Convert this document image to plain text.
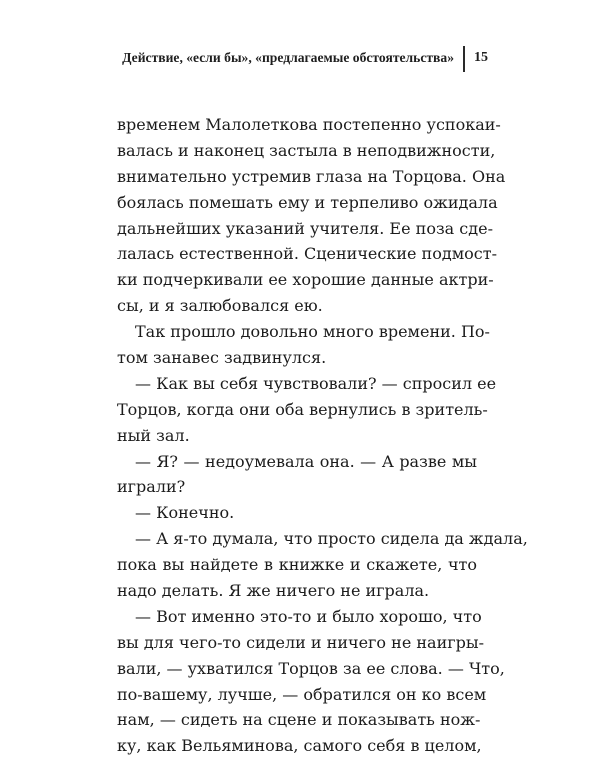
Действие, «если бы», «предлагаемые обстоятельства» 15
временем Малолеткова постепенно успокаи-
валась и наконец застыла в неподвижности,
внимательно устремив глаза на Торцова. Она
боялась помешать ему и терпеливо ожидала
дальнейших указаний учителя. Ее поза сде-
лалась естественной. Сценические подмост-
ки подчеркивали ее хорошие данные актри-
сы, и я залюбовался ею.
Так прошло довольно много времени. По-
том занавес задвинулся.
— Как вы себя чувствовали? — спросил ее
Торцов, когда они оба вернулись в зритель-
ный зал.
— Я? — недоумевала она. — А разве мы
играли?
— Конечно.
— А я-то думала, что просто сидела да ждала,
пока вы найдете в книжке и скажете, что
надо делать. Я же ничего не играла.
— Вот именно это-то и было хорошо, что
вы для чего-то сидели и ничего не наигры-
вали, — ухватился Торцов за ее слова. — Что,
по-вашему, лучше, — обратился он ко всем
нам, — сидеть на сцене и показывать нож-
ку, как Вельяминова, самого себя в целом,
